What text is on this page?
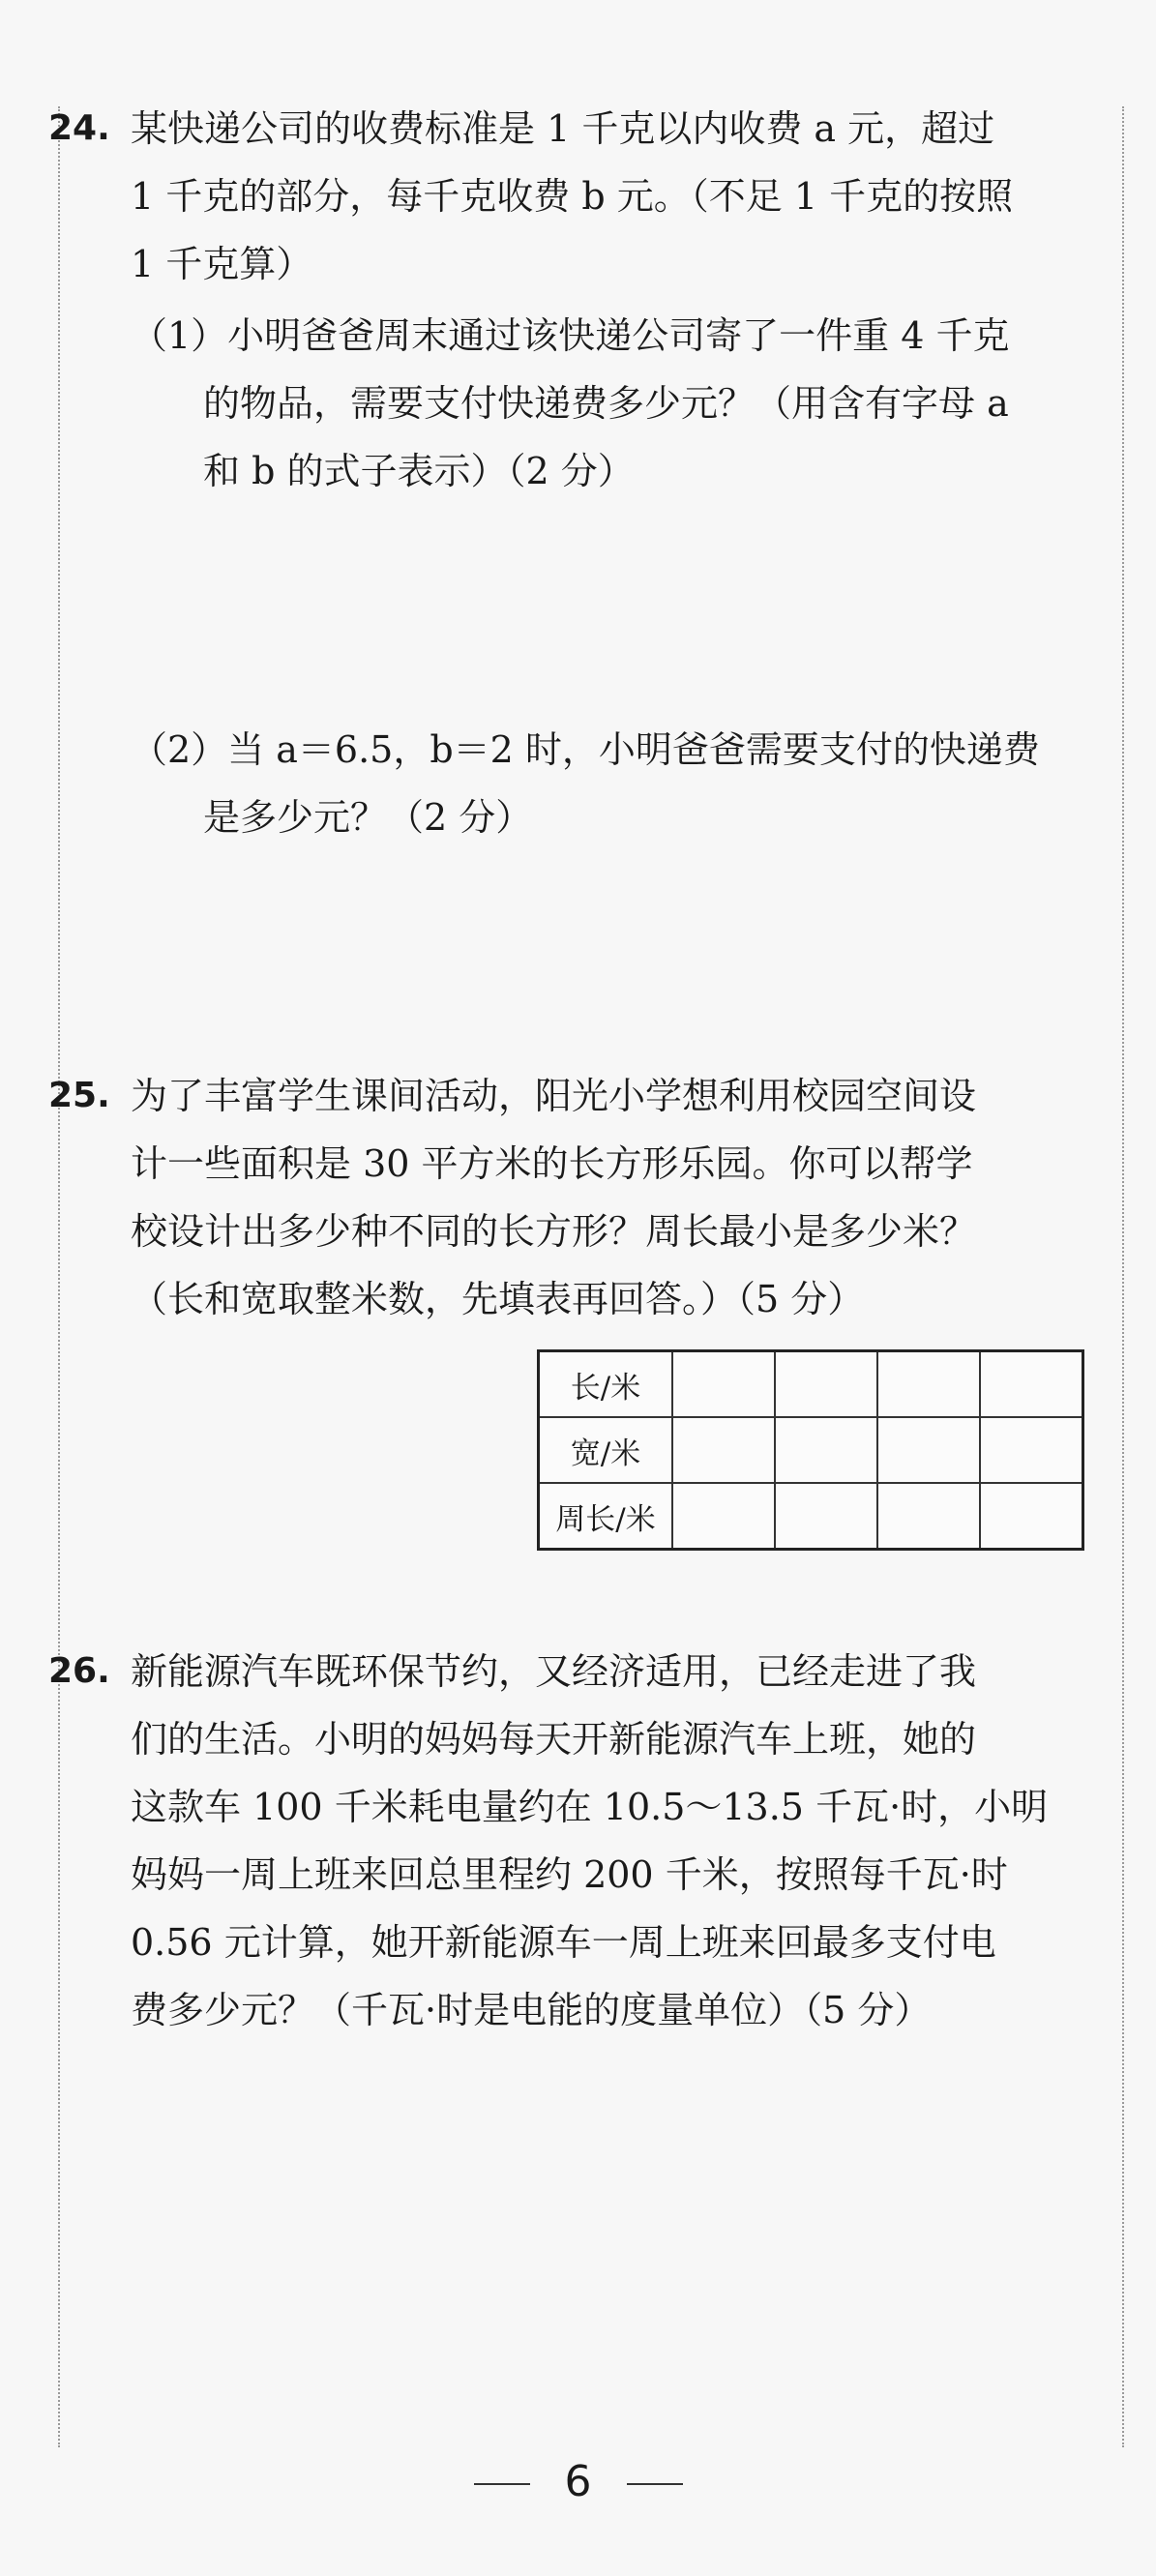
24. 某快递公司的收费标准是 1 千克以内收费 a 元，超过
1 千克的部分，每千克收费 b 元。（不足 1 千克的按照
1 千克算）
（1）小明爸爸周末通过该快递公司寄了一件重 4 千克
的物品，需要支付快递费多少元？（用含有字母 a
和 b 的式子表示）（2 分）
（2）当 a＝6.5，b＝2 时，小明爸爸需要支付的快递费
是多少元？（2 分）
25. 为了丰富学生课间活动，阳光小学想利用校园空间设
计一些面积是 30 平方米的长方形乐园。你可以帮学
校设计出多少种不同的长方形？周长最小是多少米？
（长和宽取整米数，先填表再回答。）（5 分）
长/米				
宽/米				
周长/米				
26. 新能源汽车既环保节约，又经济适用，已经走进了我
们的生活。小明的妈妈每天开新能源汽车上班，她的
这款车 100 千米耗电量约在 10.5～13.5 千瓦·时，小明
妈妈一周上班来回总里程约 200 千米，按照每千瓦·时
0.56 元计算，她开新能源车一周上班来回最多支付电
费多少元？（千瓦·时是电能的度量单位）（5 分）
6
